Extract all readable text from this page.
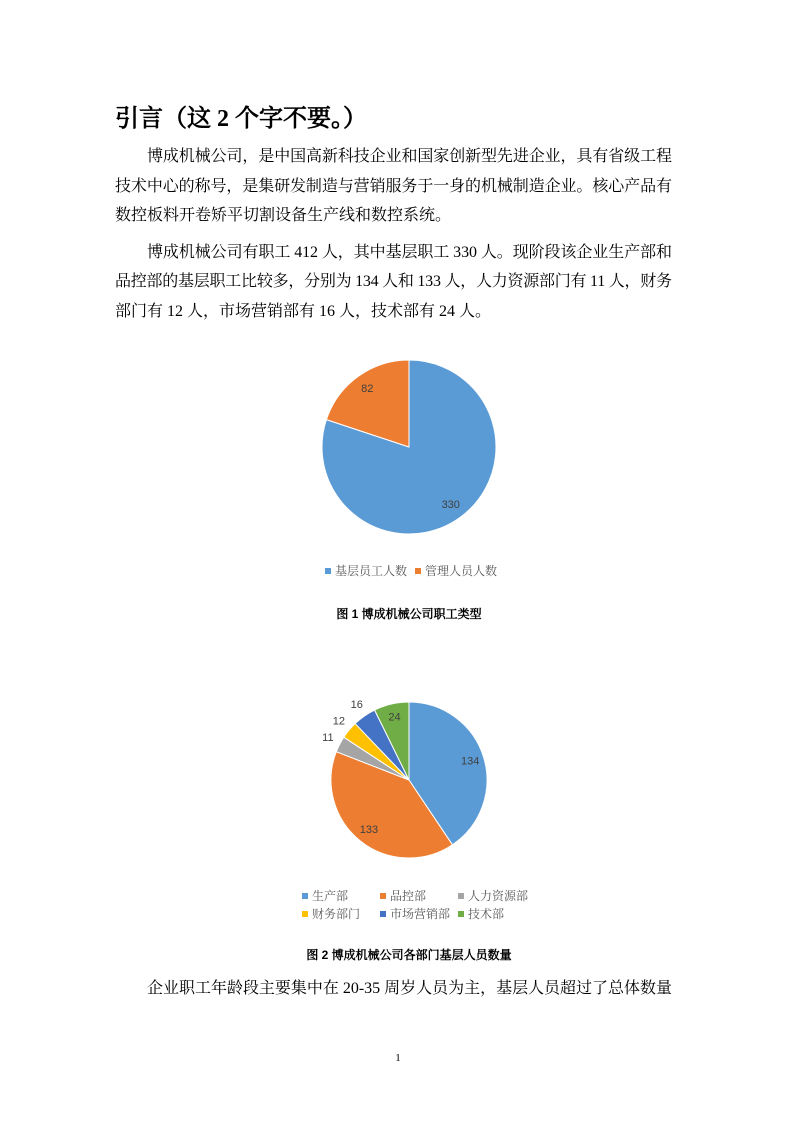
引言（这 2 个字不要。）
博成机械公司，是中国高新科技企业和国家创新型先进企业，具有省级工程
技术中心的称号，是集研发制造与营销服务于一身的机械制造企业。核心产品有
数控板料开卷矫平切割设备生产线和数控系统。
博成机械公司有职工 412 人，其中基层职工 330 人。现阶段该企业生产部和
品控部的基层职工比较多，分别为 134 人和 133 人，人力资源部门有 11 人，财务
部门有 12 人，市场营销部有 16 人，技术部有 24 人。
330
82
基层员工人数 管理人员人数
图 1 博成机械公司职工类型
134
133
11
12
16
24
生产部	品控部	人力资源部
财务部门 市场营销部 技术部
图 2 博成机械公司各部门基层人员数量
企业职工年龄段主要集中在 20-35 周岁人员为主，基层人员超过了总体数量
1
